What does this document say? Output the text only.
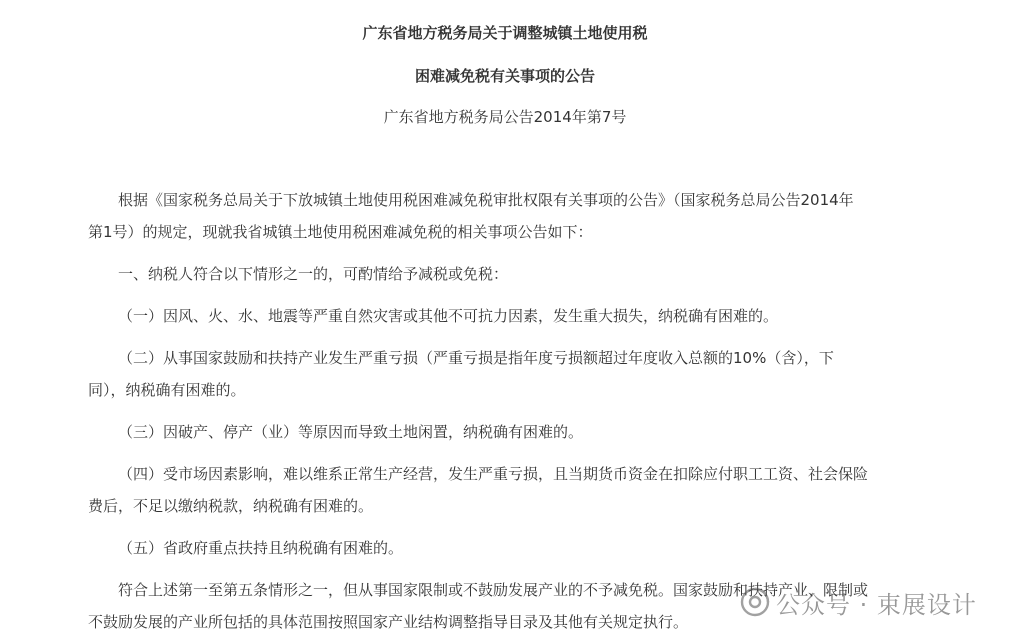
广东省地方税务局关于调整城镇土地使用税
困难减免税有关事项的公告
广东省地方税务局公告2014年第7号
根据《国家税务总局关于下放城镇土地使用税困难减免税审批权限有关事项的公告》（国家税务总局公告2014年
第1号）的规定，现就我省城镇土地使用税困难减免税的相关事项公告如下：
一、纳税人符合以下情形之一的，可酌情给予减税或免税：
（一）因风、火、水、地震等严重自然灾害或其他不可抗力因素，发生重大损失，纳税确有困难的。
（二）从事国家鼓励和扶持产业发生严重亏损（严重亏损是指年度亏损额超过年度收入总额的10%（含），下
同），纳税确有困难的。
（三）因破产、停产（业）等原因而导致土地闲置，纳税确有困难的。
（四）受市场因素影响，难以维系正常生产经营，发生严重亏损，且当期货币资金在扣除应付职工工资、社会保险
费后，不足以缴纳税款，纳税确有困难的。
（五）省政府重点扶持且纳税确有困难的。
符合上述第一至第五条情形之一，但从事国家限制或不鼓励发展产业的不予减免税。国家鼓励和扶持产业、限制或
不鼓励发展的产业所包括的具体范围按照国家产业结构调整指导目录及其他有关规定执行。
公众号 · 束展设计
